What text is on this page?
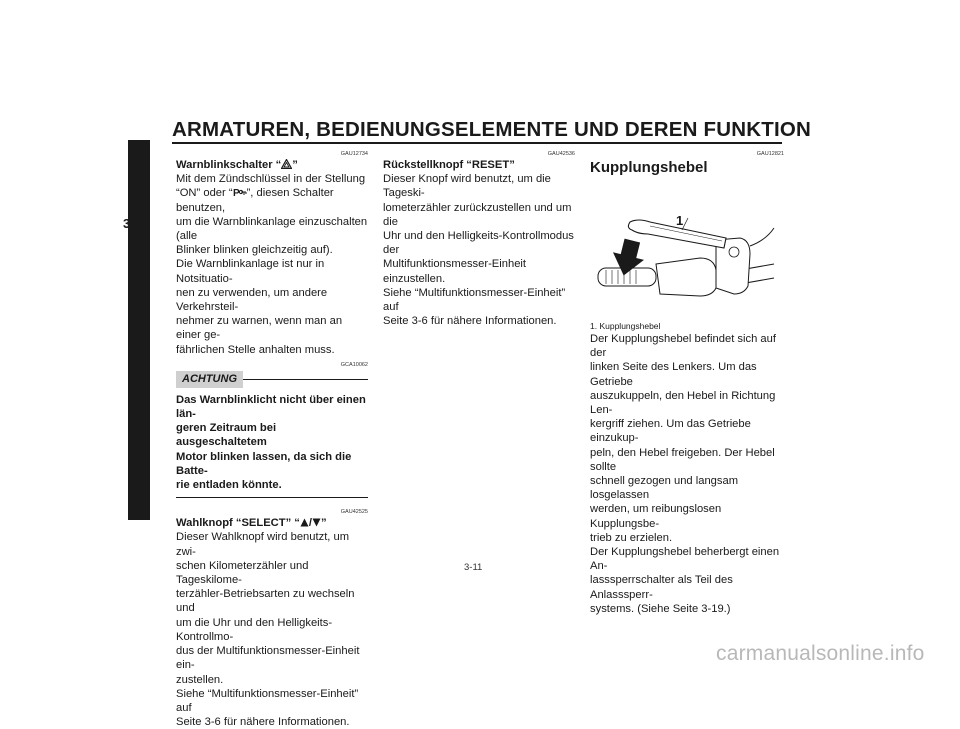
ARMATUREN, BEDIENUNGSELEMENTE UND DEREN FUNKTION
3
GAU12734

Warnblinkschalter “ ”

Mit dem Zündschlüssel in der Stellung

“ON” oder “ P ”, diesen Schalter benutzen,

um die Warnblinkanlage einzuschalten (alle

Blinker blinken gleichzeitig auf).

Die Warnblinkanlage ist nur in Notsituatio-

nen zu verwenden, um andere Verkehrsteil-

nehmer zu warnen, wenn man an einer ge-

fährlichen Stelle anhalten muss.

GCA10062
ACHTUNG

Das Warnblinklicht nicht über einen län-

geren Zeitraum bei ausgeschaltetem

Motor blinken lassen, da sich die Batte-

rie entladen könnte.

GAU42525

Wahlknopf “SELECT” “ / ”

Dieser Wahlknopf wird benutzt, um zwi-

schen Kilometerzähler und Tageskilome-

terzähler-Betriebsarten zu wechseln und

um die Uhr und den Helligkeits-Kontrollmo-

dus der Multifunktionsmesser-Einheit ein-

zustellen.

Siehe “Multifunktionsmesser-Einheit” auf

Seite 3-6 für nähere Informationen.

GAU42536

Rückstellknopf “RESET”

Dieser Knopf wird benutzt, um die Tageski-

lometerzähler zurückzustellen und um die

Uhr und den Helligkeits-Kontrollmodus der

Multifunktionsmesser-Einheit einzustellen.

Siehe “Multifunktionsmesser-Einheit” auf

Seite 3-6 für nähere Informationen.

GAU12821

Kupplungshebel

1

1. Kupplungshebel

Der Kupplungshebel befindet sich auf der

linken Seite des Lenkers. Um das Getriebe

auszukuppeln, den Hebel in Richtung Len-

kergriff ziehen. Um das Getriebe einzukup-

peln, den Hebel freigeben. Der Hebel sollte

schnell gezogen und langsam losgelassen

werden, um reibungslosen Kupplungsbe-

trieb zu erzielen.

Der Kupplungshebel beherbergt einen An-

lasssperrschalter als Teil des Anlasssperr-

systems. (Siehe Seite 3-19.)

3-11
carmanualsonline.info
